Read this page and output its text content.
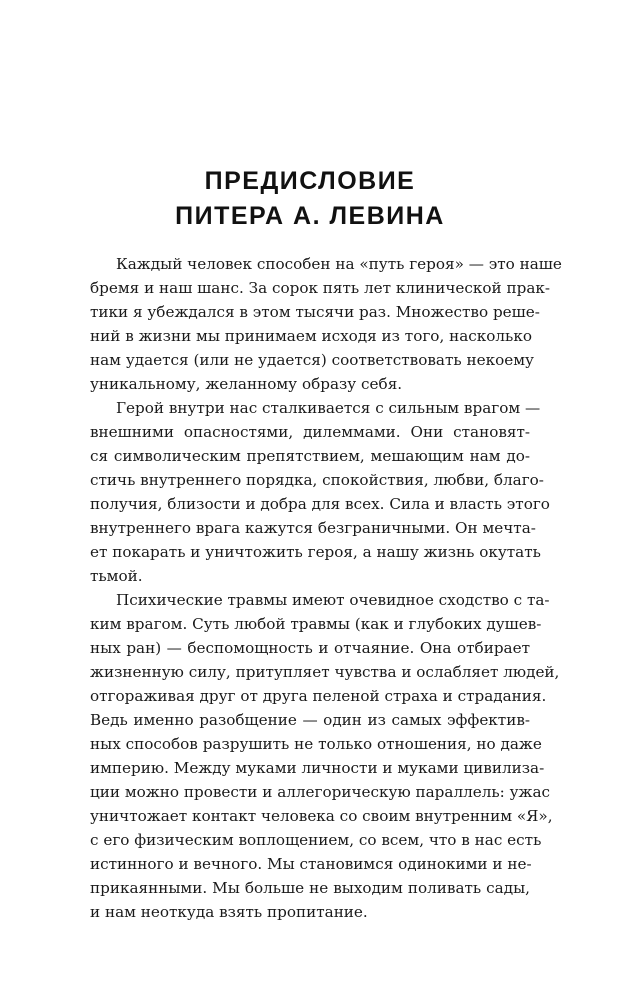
ПРЕДИСЛОВИЕ
ПИТЕРА А. ЛЕВИНА
Каждый человек способен на «путь героя» — это наше
бремя и наш шанс. За сорок пять лет клинической прак-
тики я убеждался в этом тысячи раз. Множество реше-
ний в жизни мы принимаем исходя из того, насколько
нам удается (или не удается) соответствовать некоему
уникальному, желанному образу себя.
Герой внутри нас сталкивается с сильным врагом —
внешними опасностями, дилеммами. Они становят-
ся символическим препятствием, мешающим нам до-
стичь внутреннего порядка, спокойствия, любви, благо-
получия, близости и добра для всех. Сила и власть этого
внутреннего врага кажутся безграничными. Он мечта-
ет покарать и уничтожить героя, а нашу жизнь окутать
тьмой.
Психические травмы имеют очевидное сходство с та-
ким врагом. Суть любой травмы (как и глубоких душев-
ных ран) — беспомощность и отчаяние. Она отбирает
жизненную силу, притупляет чувства и ослабляет людей,
отгораживая друг от друга пеленой страха и страдания.
Ведь именно разобщение — один из самых эффектив-
ных способов разрушить не только отношения, но даже
империю. Между муками личности и муками цивилиза-
ции можно провести и аллегорическую параллель: ужас
уничтожает контакт человека со своим внутренним «Я»,
с его физическим воплощением, со всем, что в нас есть
истинного и вечного. Мы становимся одинокими и не-
прикаянными. Мы больше не выходим поливать сады,
и нам неоткуда взять пропитание.
